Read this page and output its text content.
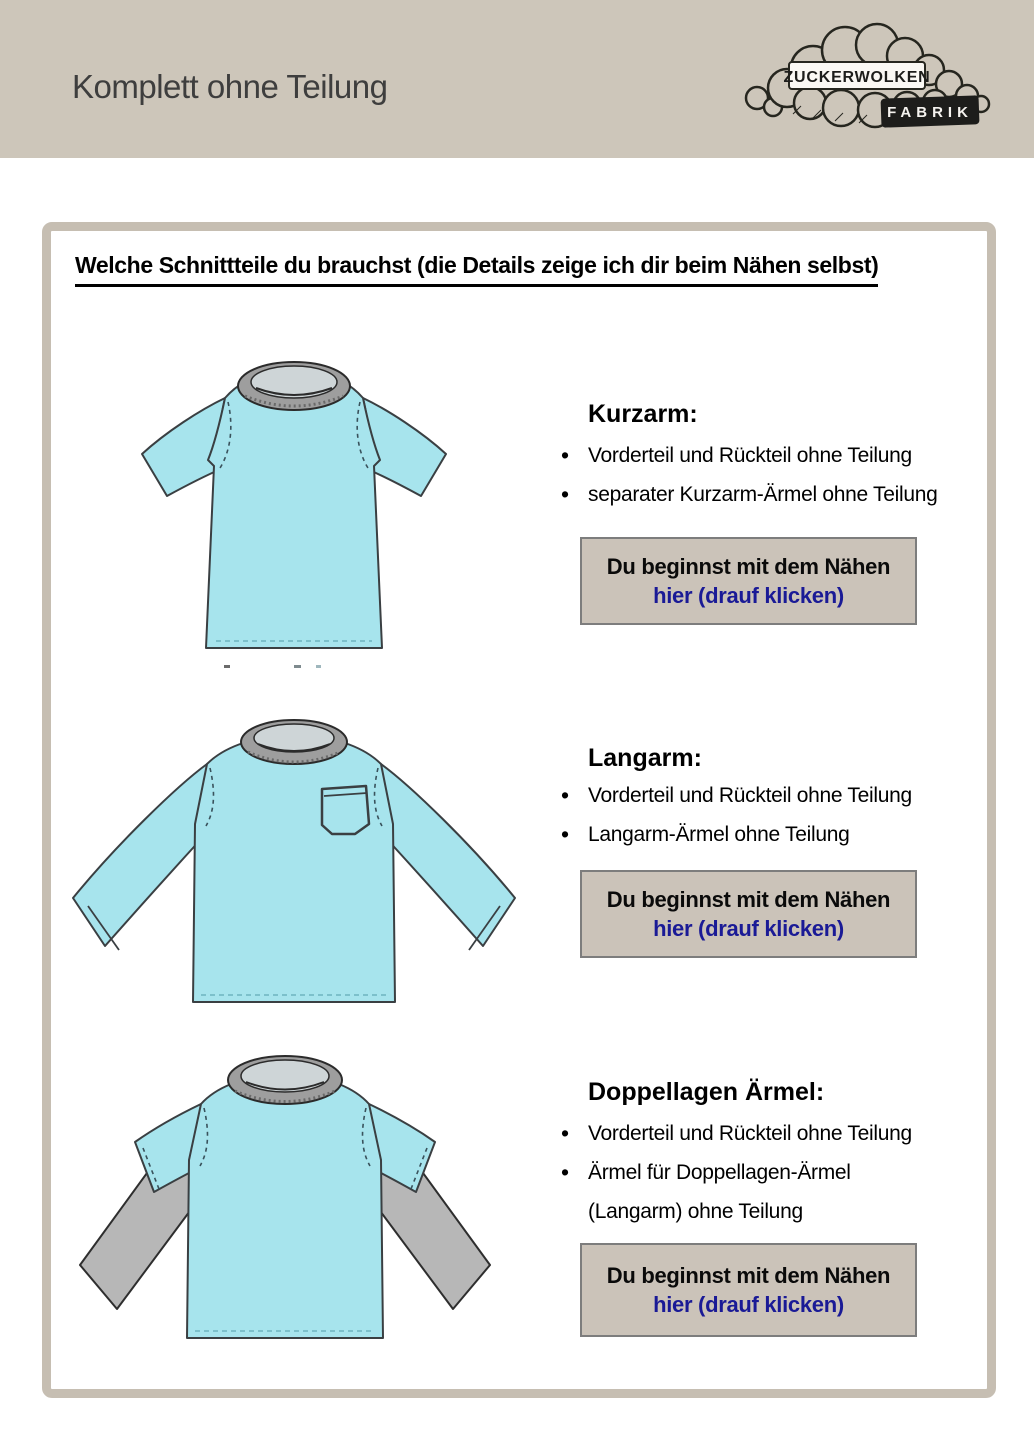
Komplett ohne Teilung	ZUCKERWOLKEN
FABRIK
Welche Schnittteile du brauchst (die Details zeige ich dir beim Nähen selbst)
Kurzarm:
• Vorderteil und Rückteil ohne Teilung
• separater Kurzarm-Ärmel ohne Teilung
Du beginnst mit dem Nähen
hier (drauf klicken)
Langarm:
• Vorderteil und Rückteil ohne Teilung
• Langarm-Ärmel ohne Teilung
Du beginnst mit dem Nähen
hier (drauf klicken)
Doppellagen Ärmel:
• Vorderteil und Rückteil ohne Teilung
• Ärmel für Doppellagen-Ärmel (Langarm) ohne Teilung
Du beginnst mit dem Nähen
hier (drauf klicken)
